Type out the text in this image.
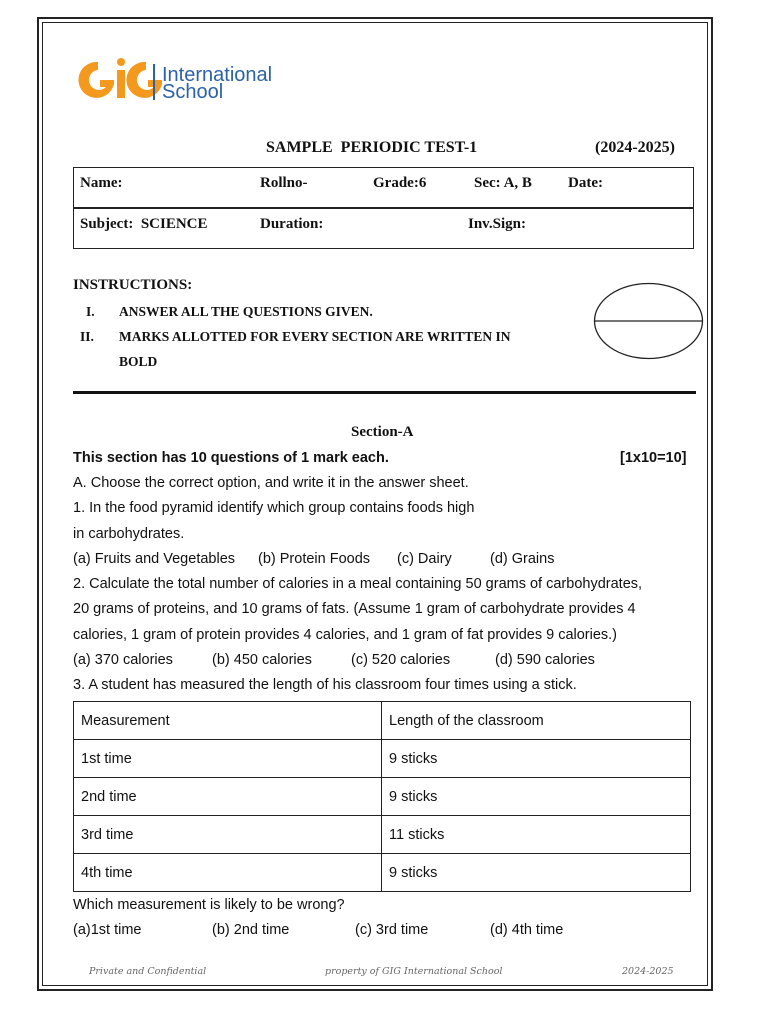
International
School
SAMPLE  PERIODIC TEST-1	(2024-2025)
Name:	Rollno-	Grade:6	Sec: A, B Date:
Subject:  SCIENCE	Duration:	Inv.Sign:
INSTRUCTIONS:
I. ANSWER ALL THE QUESTIONS GIVEN.
II. MARKS ALLOTTED FOR EVERY SECTION ARE WRITTEN IN
BOLD
Section-A
This section has 10 questions of 1 mark each.	[1x10=10]
A. Choose the correct option, and write it in the answer sheet.
1. In the food pyramid identify which group contains foods high
in carbohydrates.
(a) Fruits and Vegetables (b) Protein Foods (c) Dairy	(d) Grains
2. Calculate the total number of calories in a meal containing 50 grams of carbohydrates,
20 grams of proteins, and 10 grams of fats. (Assume 1 gram of carbohydrate provides 4
calories, 1 gram of protein provides 4 calories, and 1 gram of fat provides 9 calories.)
(a) 370 calories	(b) 450 calories	(c) 520 calories	(d) 590 calories
3. A student has measured the length of his classroom four times using a stick.
Measurement	Length of the classroom
1st time	9 sticks
2nd time	9 sticks
3rd time	11 sticks
4th time	9 sticks
Which measurement is likely to be wrong?
(a)1st time	(b) 2nd time	(c) 3rd time	(d) 4th time
Private and Confidential	property of GIG International School	2024-2025
